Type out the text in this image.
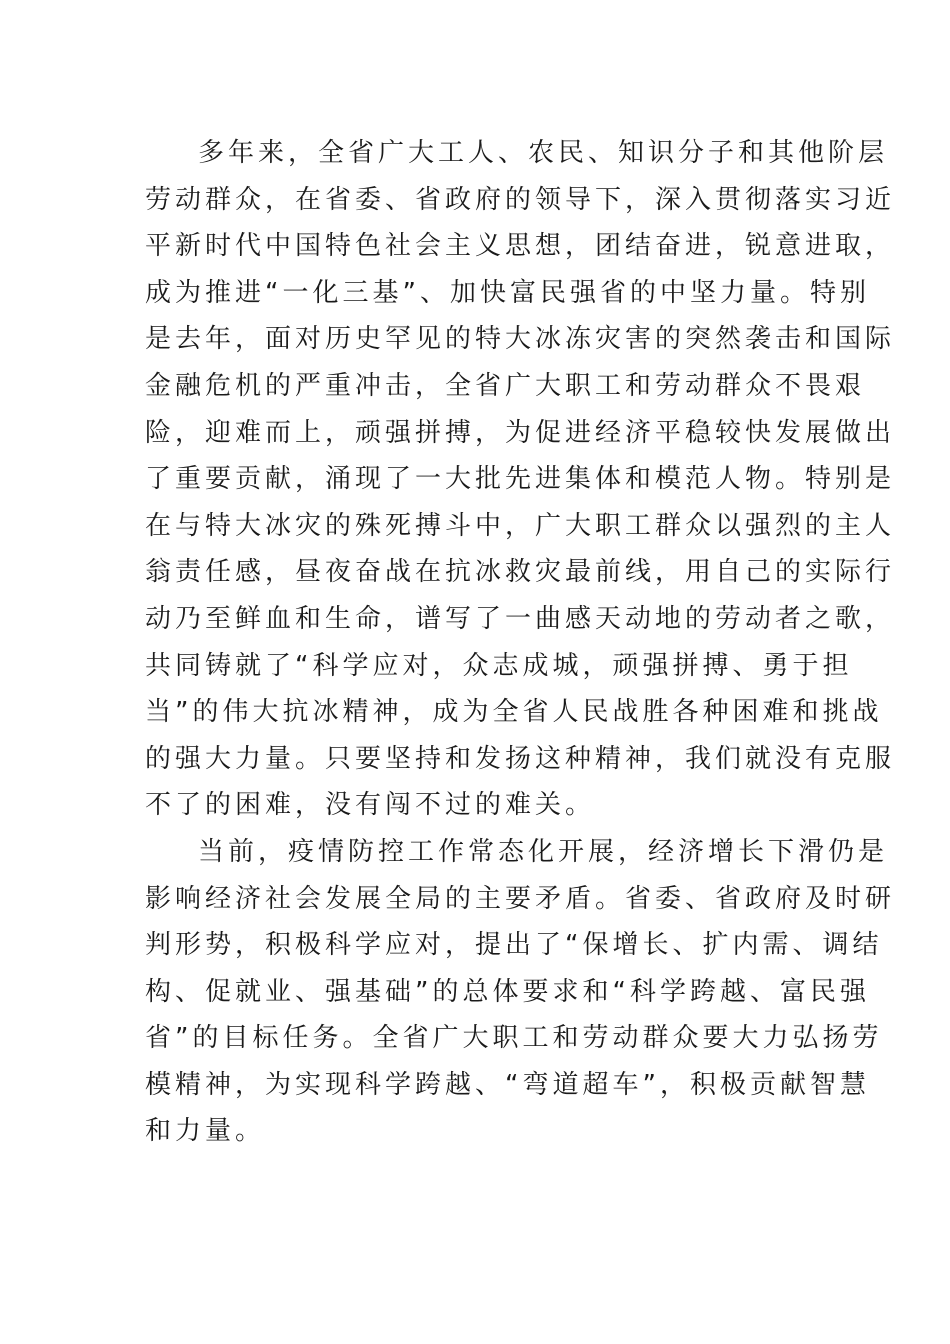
多年来，全省广大工人、农民、知识分子和其他阶层
劳动群众，在省委、省政府的领导下，深入贯彻落实习近
平新时代中国特色社会主义思想，团结奋进，锐意进取，
成为推进“一化三基”、加快富民强省的中坚力量。特别
是去年，面对历史罕见的特大冰冻灾害的突然袭击和国际
金融危机的严重冲击，全省广大职工和劳动群众不畏艰
险，迎难而上，顽强拼搏，为促进经济平稳较快发展做出
了重要贡献，涌现了一大批先进集体和模范人物。特别是
在与特大冰灾的殊死搏斗中，广大职工群众以强烈的主人
翁责任感，昼夜奋战在抗冰救灾最前线，用自己的实际行
动乃至鲜血和生命，谱写了一曲感天动地的劳动者之歌，
共同铸就了“科学应对，众志成城，顽强拼搏、勇于担
当”的伟大抗冰精神，成为全省人民战胜各种困难和挑战
的强大力量。只要坚持和发扬这种精神，我们就没有克服
不了的困难，没有闯不过的难关。
当前，疫情防控工作常态化开展，经济增长下滑仍是
影响经济社会发展全局的主要矛盾。省委、省政府及时研
判形势，积极科学应对，提出了“保增长、扩内需、调结
构、促就业、强基础”的总体要求和“科学跨越、富民强
省”的目标任务。全省广大职工和劳动群众要大力弘扬劳
模精神，为实现科学跨越、“弯道超车”，积极贡献智慧
和力量。
